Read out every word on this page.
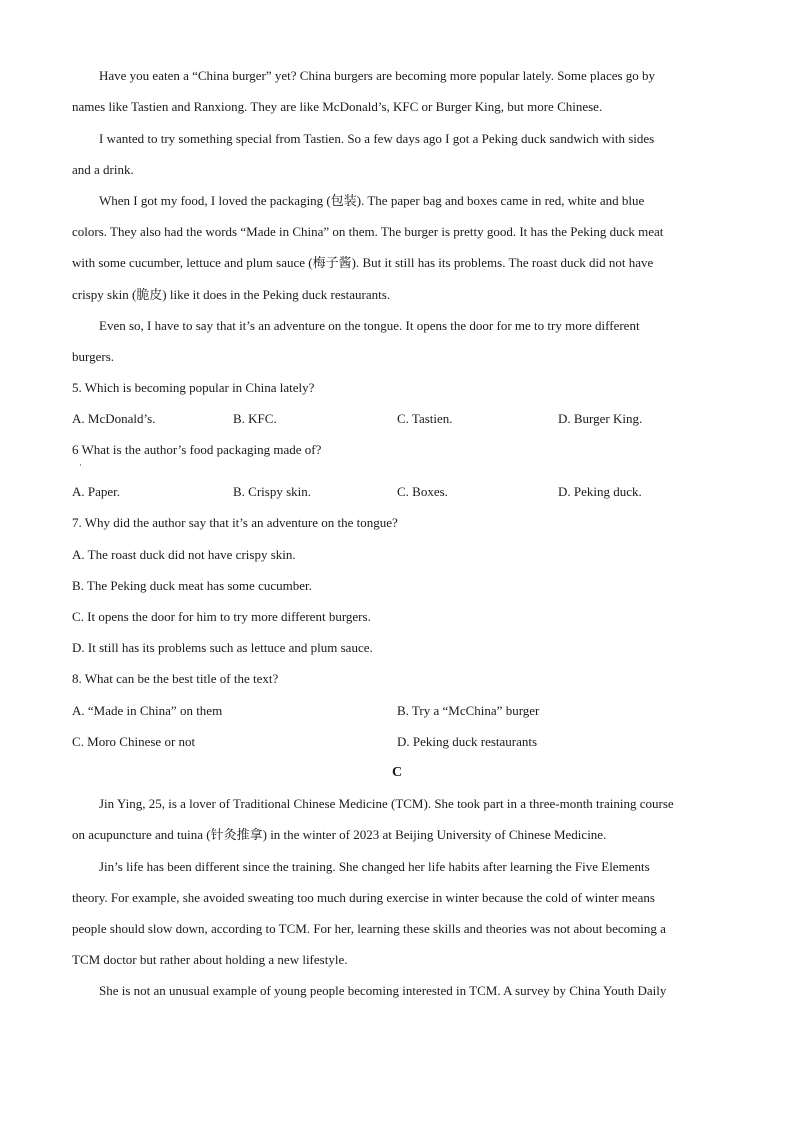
Have you eaten a “China burger” yet? China burgers are becoming more popular lately. Some places go by
names like Tastien and Ranxiong. They are like McDonald’s, KFC or Burger King, but more Chinese.
I wanted to try something special from Tastien. So a few days ago I got a Peking duck sandwich with sides
and a drink.
When I got my food, I loved the packaging (包装). The paper bag and boxes came in red, white and blue
colors. They also had the words “Made in China” on them. The burger is pretty good. It has the Peking duck meat
with some cucumber, lettuce and plum sauce (梅子酱). But it still has its problems. The roast duck did not have
crispy skin (脆皮) like it does in the Peking duck restaurants.
Even so, I have to say that it’s an adventure on the tongue. It opens the door for me to try more different
burgers.
5. Which is becoming popular in China lately?
A. McDonald’s.	B. KFC.	C. Tastien.	D. Burger King.
6 What is the author’s food packaging made of?
·
A. Paper.	B. Crispy skin.	C. Boxes.	D. Peking duck.
7. Why did the author say that it’s an adventure on the tongue?
A. The roast duck did not have crispy skin.
B. The Peking duck meat has some cucumber.
C. It opens the door for him to try more different burgers.
D. It still has its problems such as lettuce and plum sauce.
8. What can be the best title of the text?
A. “Made in China” on them	B. Try a “McChina” burger
C. Moro Chinese or not	D. Peking duck restaurants
C
Jin Ying, 25, is a lover of Traditional Chinese Medicine (TCM). She took part in a three-month training course
on acupuncture and tuina (针灸推拿) in the winter of 2023 at Beijing University of Chinese Medicine.
Jin’s life has been different since the training. She changed her life habits after learning the Five Elements
theory. For example, she avoided sweating too much during exercise in winter because the cold of winter means
people should slow down, according to TCM. For her, learning these skills and theories was not about becoming a
TCM doctor but rather about holding a new lifestyle.
She is not an unusual example of young people becoming interested in TCM. A survey by China Youth Daily
